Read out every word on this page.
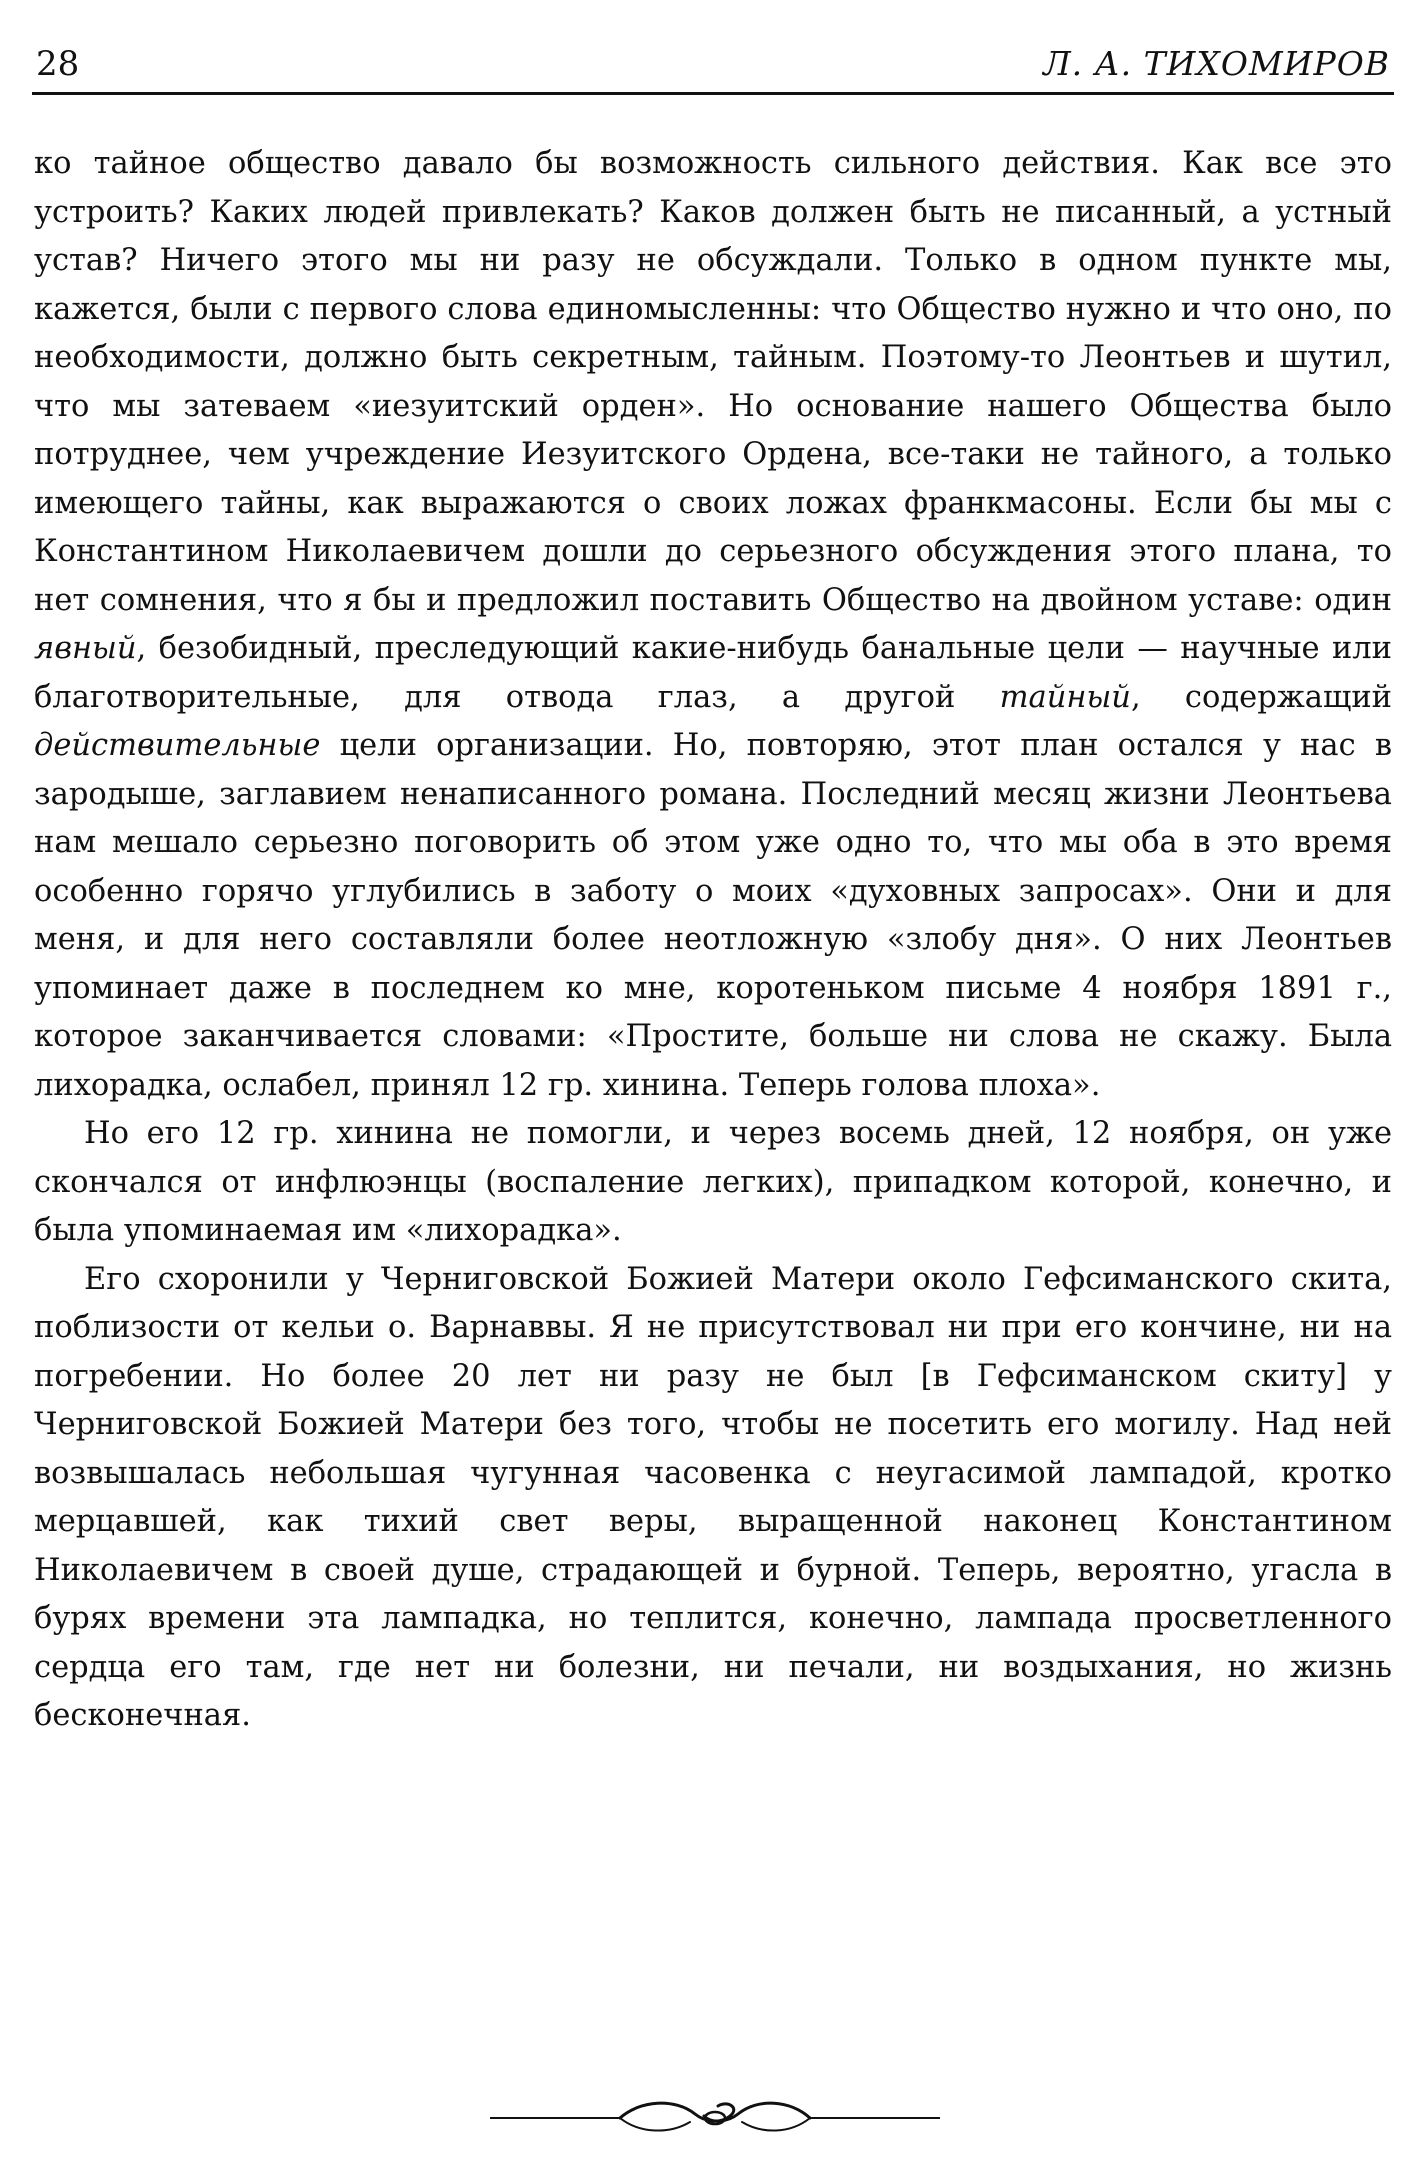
28	Л. А. ТИХОМИРОВ

ко тайное общество давало бы возможность сильного действия. Как все это устроить? Каких людей привлекать? Каков должен быть не писанный, а устный устав? Ничего этого мы ни разу не обсуждали. Только в одном пункте мы, кажется, были с первого слова единомысленны: что Общество нужно и что оно, по необходимости, должно быть секретным, тайным. Поэтому-то Леонтьев и шутил, что мы затеваем «иезуитский орден». Но основание нашего Общества было потруднее, чем учреждение Иезуитского Ордена, все-таки не тайного, а только имеющего тайны, как выражаются о своих ложах франкмасоны. Если бы мы с Константином Николаевичем дошли до серьезного обсуждения этого плана, то нет сомнения, что я бы и предложил поставить Общество на двойном уставе: один явный, безобидный, преследующий какие-нибудь банальные цели — научные или благотворительные, для отвода глаз, а другой тайный, содержащий действительные цели организации. Но, повторяю, этот план остался у нас в зародыше, заглавием ненаписанного романа. Последний месяц жизни Леонтьева нам мешало серьезно поговорить об этом уже одно то, что мы оба в это время особенно горячо углубились в заботу о моих «духовных запросах». Они и для меня, и для него составляли более неотложную «злобу дня». О них Леонтьев упоминает даже в последнем ко мне, коротеньком письме 4 ноября 1891 г., которое заканчивается словами: «Простите, больше ни слова не скажу. Была лихорадка, ослабел, принял 12 гр. хинина. Теперь голова плоха».

Но его 12 гр. хинина не помогли, и через восемь дней, 12 ноября, он уже скончался от инфлюэнцы (воспаление легких), припадком которой, конечно, и была упоминаемая им «лихорадка».

Его схоронили у Черниговской Божией Матери около Гефсиманского скита, поблизости от кельи о. Варнаввы. Я не присутствовал ни при его кончине, ни на погребении. Но более 20 лет ни разу не был [в Гефсиманском скиту] у Черниговской Божией Матери без того, чтобы не посетить его могилу. Над ней возвышалась небольшая чугунная часовенка с неугасимой лампадой, кротко мерцавшей, как тихий свет веры, выращенной наконец Константином Николаевичем в своей душе, страдающей и бурной. Теперь, вероятно, угасла в бурях времени эта лампадка, но теплится, конечно, лампада просветленного сердца его там, где нет ни болезни, ни печали, ни воздыхания, но жизнь бесконечная.
